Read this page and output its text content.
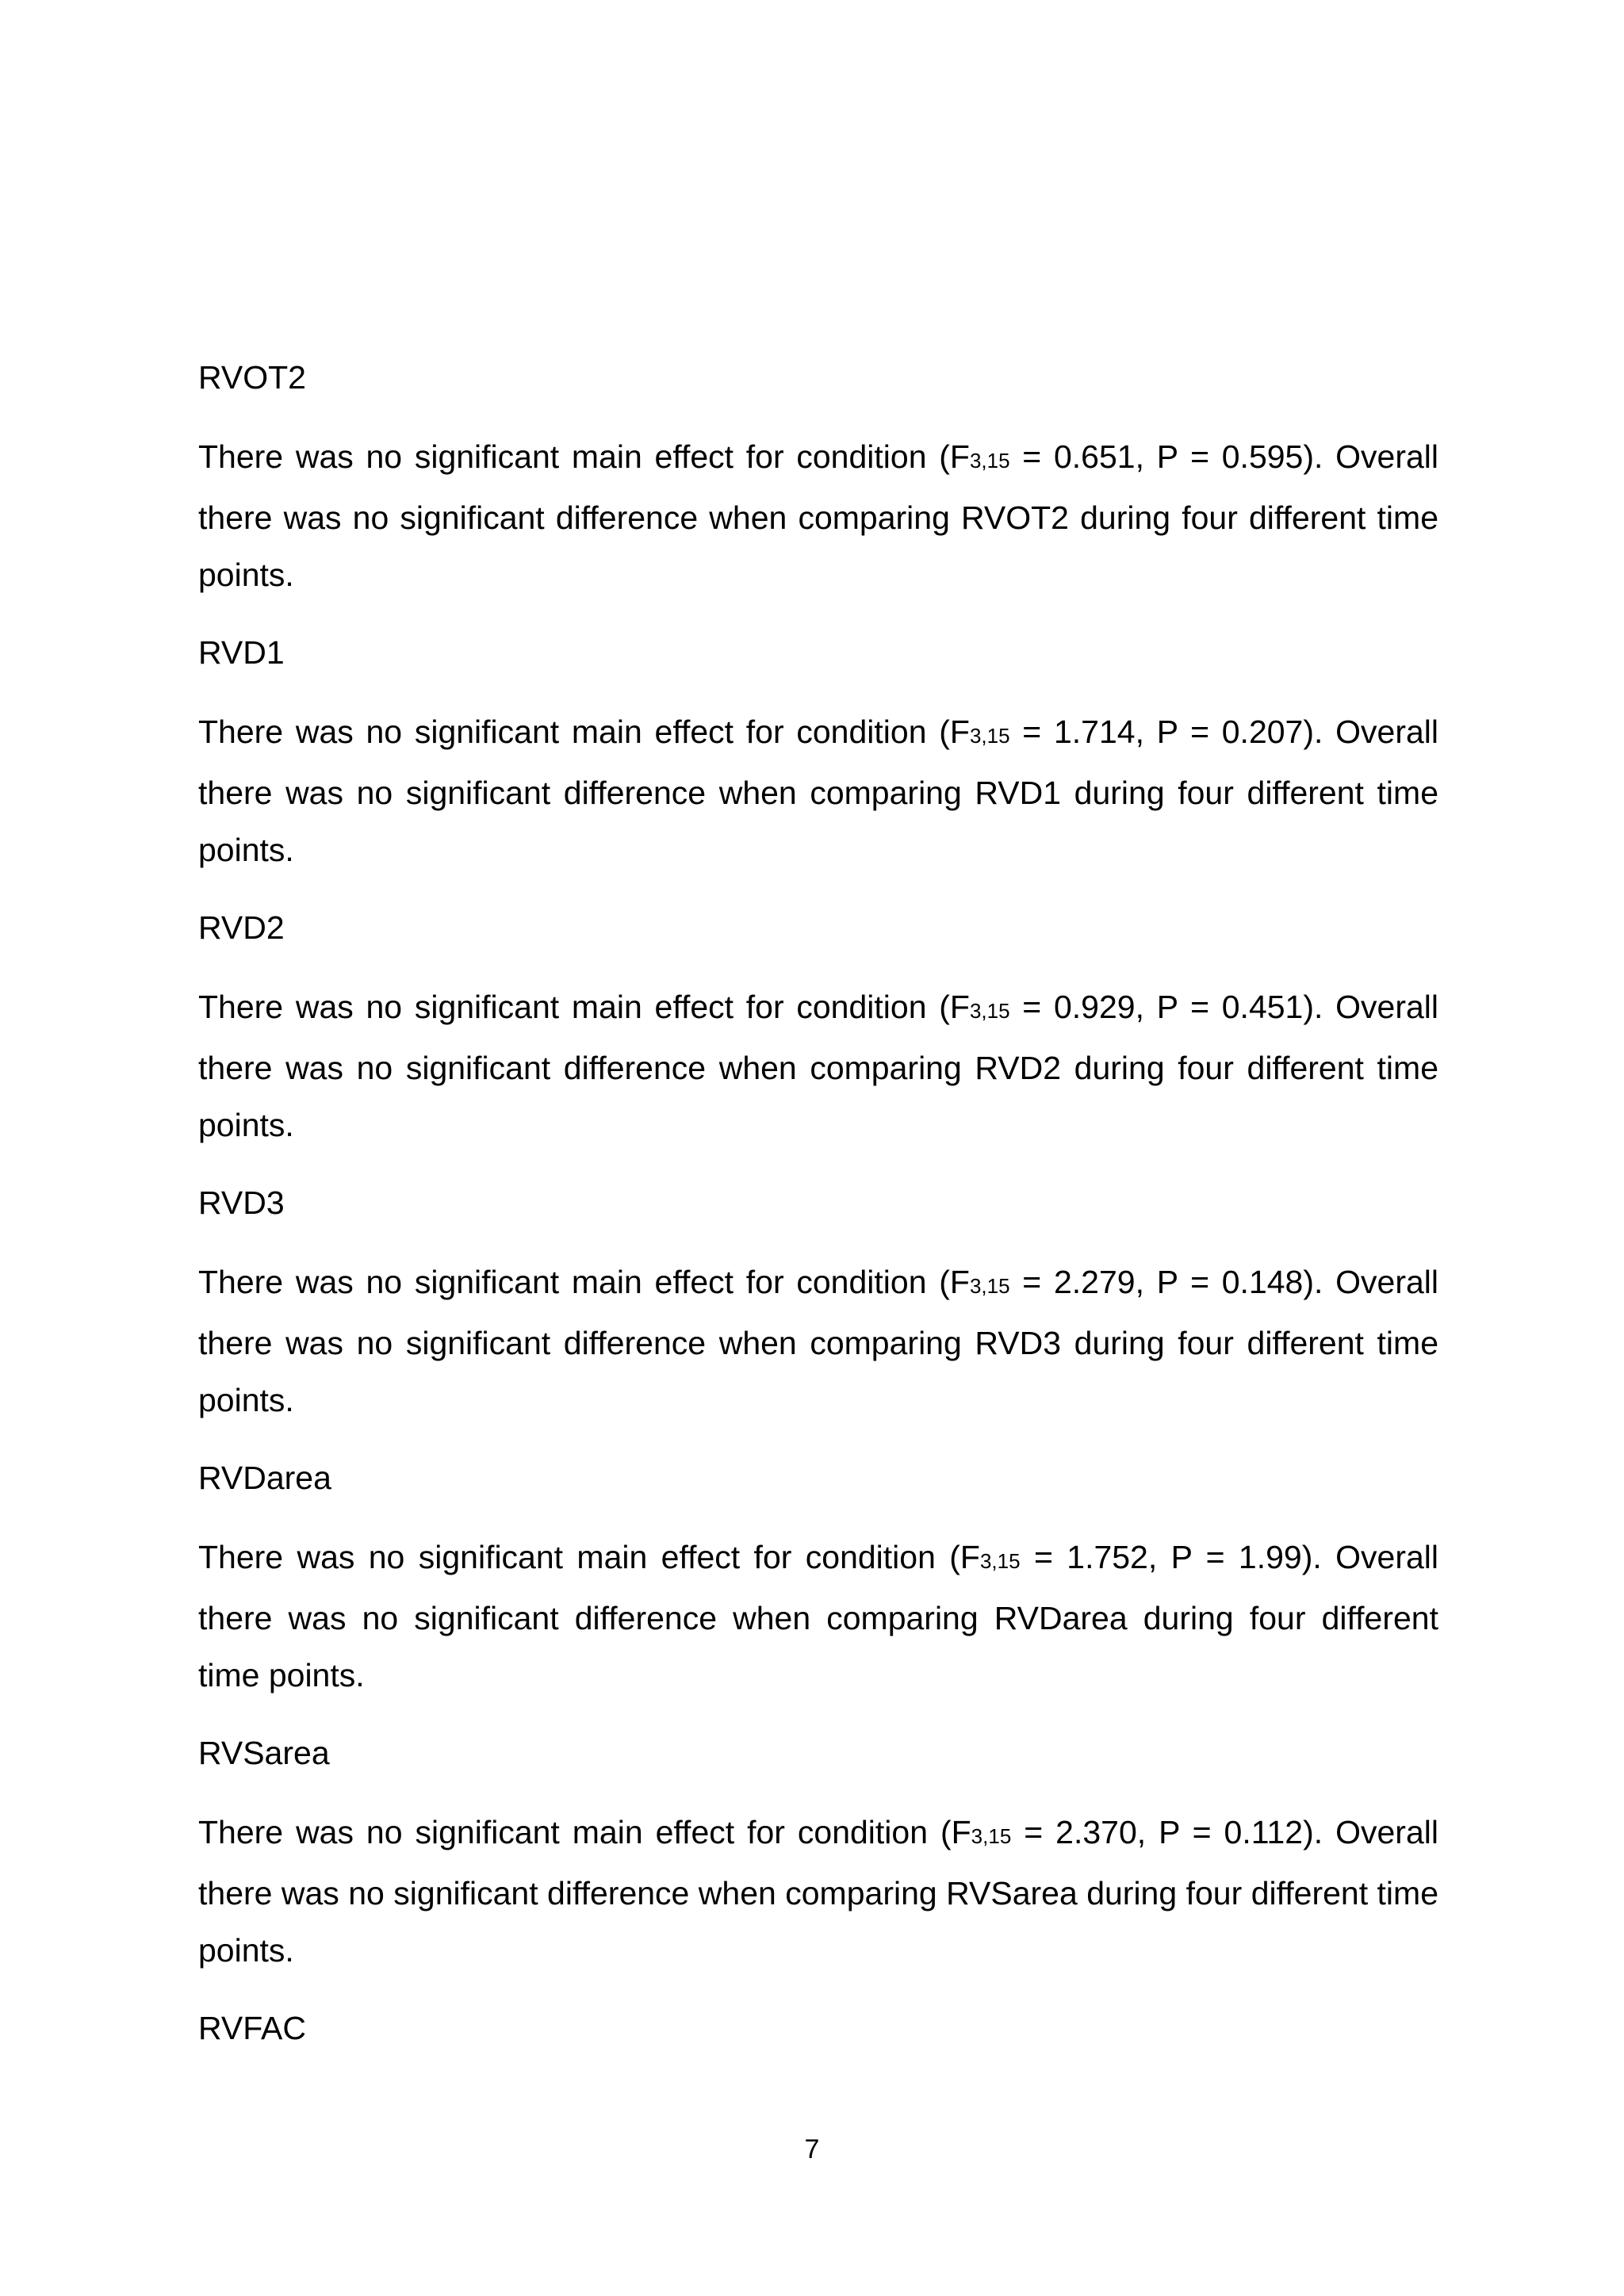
RVOT2

There was no significant main effect for condition (F3,15 = 0.651, P = 0.595). Overall there was no significant difference when comparing RVOT2 during four different time points.

RVD1

There was no significant main effect for condition (F3,15 = 1.714, P = 0.207). Overall there was no significant difference when comparing RVD1 during four different time points.

RVD2

There was no significant main effect for condition (F3,15 = 0.929, P = 0.451). Overall there was no significant difference when comparing RVD2 during four different time points.

RVD3

There was no significant main effect for condition (F3,15 = 2.279, P = 0.148). Overall there was no significant difference when comparing RVD3 during four different time points.

RVDarea

There was no significant main effect for condition (F3,15 = 1.752, P = 1.99). Overall there was no significant difference when comparing RVDarea during four different time points.

RVSarea

There was no significant main effect for condition (F3,15 = 2.370, P = 0.112). Overall there was no significant difference when comparing RVSarea during four different time points.

RVFAC

7
